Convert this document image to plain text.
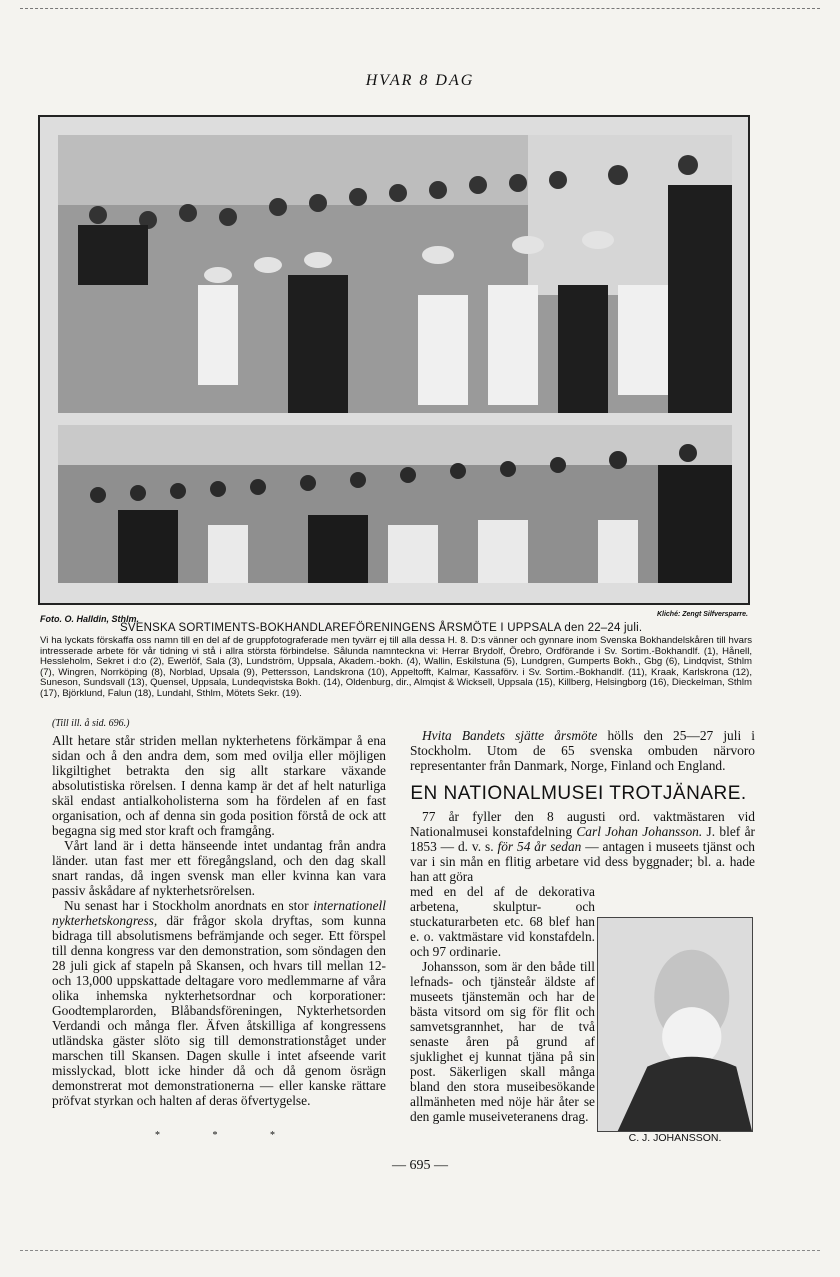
HVAR 8 DAG
Foto. O. Halldin, Sthlm.	Kliché: Zengt Silfversparre.
SVENSKA SORTIMENTS-BOKHANDLAREFÖRENINGENS ÅRSMÖTE I UPPSALA den 22–24 juli.
Vi ha lyckats förskaffa oss namn till en del af de gruppfotograferade men tyvärr ej till alla dessa H. 8. D:s vänner och gynnare inom Svenska Bokhandelskåren till hvars intresserade arbete för vår tidning vi stå i allra största förbindelse. Sålunda namnteckna vi: Herrar Brydolf, Örebro, Ordförande i Sv. Sortim.-Bokhandlf. (1), Hånell, Hessleholm, Sekret i d:o (2), Ewerlöf, Sala (3), Lundström, Uppsala, Akadem.-bokh. (4), Wallin, Eskilstuna (5), Lundgren, Gumperts Bokh., Gbg (6), Lindqvist, Sthlm (7), Wingren, Norrköping (8), Norblad, Upsala (9), Pettersson, Landskrona (10), Appeltofft, Kalmar, Kassaförv. i Sv. Sortim.-Bokhandlf. (11), Kraak, Karlskrona (12), Suneson, Sundsvall (13), Quensel, Uppsala, Lundeqvistska Bokh. (14), Oldenburg, dir., Almqist & Wicksell, Uppsala (15), Killberg, Helsingborg (16), Dieckelman, Sthlm (17), Björklund, Falun (18), Lundahl, Sthlm, Mötets Sekr. (19).

(Till ill. å sid. 696.)

Allt hetare står striden mellan nykterhetens förkämpar å ena sidan och å den andra dem, som med ovilja eller möjligen likgiltighet betrakta den sig allt starkare växande absolutistiska rörelsen. I denna kamp är det af helt naturliga skäl endast antialkoholisterna som ha fördelen af en fast organisation, och af denna sin goda position förstå de ock att begagna sig med stor kraft och framgång.

Vårt land är i detta hänseende intet undantag från andra länder. utan fast mer ett föregångsland, och den dag skall snart randas, då ingen svensk man eller kvinna kan vara passiv åskådare af nykterhetsrörelsen.

Nu senast har i Stockholm anordnats en stor internationell nykterhetskongress, där frågor skola dryftas, som kunna bidraga till absolutismens befrämjande och seger. Ett förspel till denna kongress var den demonstration, som söndagen den 28 juli gick af stapeln på Skansen, och hvars till mellan 12- och 13,000 uppskattade deltagare voro medlemmarne af våra olika inhemska nykterhetsordnar och korporationer: Goodtemplarorden, Blåbandsföreningen, Nykterhetsorden Verdandi och många fler. Äfven åtskilliga af kongressens utländska gäster slöto sig till demonstrationståget under marschen till Skansen. Dagen skulle i intet afseende varit misslyckad, blott icke hinder då och då genom ösrägn demonstrerat mot demonstrationerna — eller kanske rättare pröfvat styrkan och halten af deras öfvertygelse.

*	*	*

Hvita Bandets sjätte årsmöte hölls den 25—27 juli i Stockholm. Utom de 65 svenska ombuden närvoro representanter från Danmark, Norge, Finland och England.

EN NATIONALMUSEI TROTJÄNARE.

77 år fyller den 8 augusti ord. vaktmästaren vid Nationalmusei konstafdelning Carl Johan Johansson. J. blef år 1853 — d. v. s. för 54 år sedan — antagen i museets tjänst och var i sin mån en flitig arbetare vid dess byggnader; bl. a. hade han att göra

med en del af de dekorativa arbetena, skulptur- och stuckaturarbeten etc. 68 blef han e. o. vaktmästare vid konstafdeln. och 97 ordinarie.

Johansson, som är den både till lefnads- och tjänsteår äldste af museets tjänstemän och har de bästa vitsord om sig för flit och samvetsgrannhet, har de två senaste åren på grund af sjuklighet ej kunnat tjäna på sin post. Säkerligen skall många bland den stora museibesökande allmänheten med nöje här åter se den gamle museiveteranens drag.

C. J. JOHANSSON.
— 695 —
